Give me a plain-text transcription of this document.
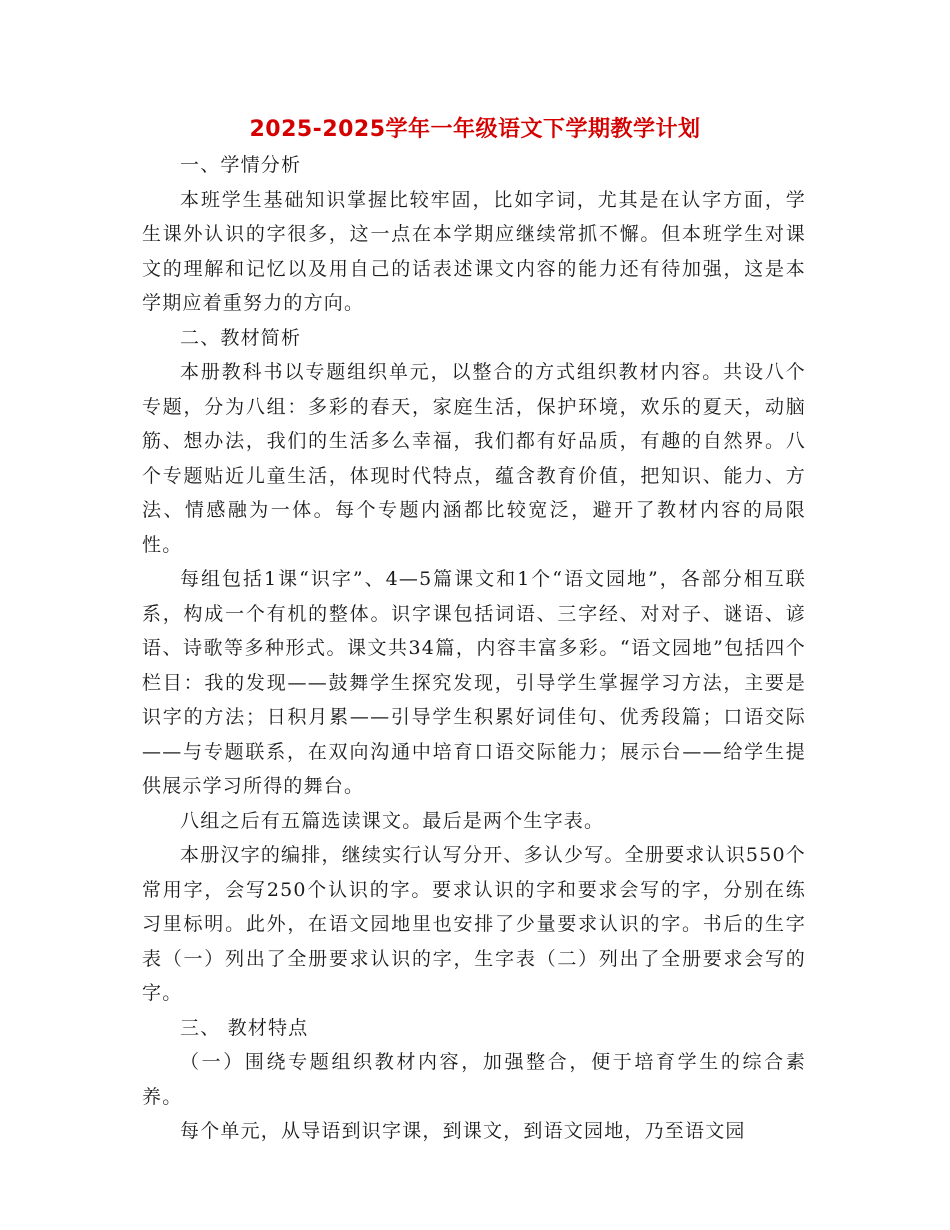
2025-2025学年一年级语文下学期教学计划

一、学情分析

本班学生基础知识掌握比较牢固，比如字词，尤其是在认字方面，学生课外认识的字很多，这一点在本学期应继续常抓不懈。但本班学生对课文的理解和记忆以及用自己的话表述课文内容的能力还有待加强，这是本学期应着重努力的方向。

二、教材简析

本册教科书以专题组织单元，以整合的方式组织教材内容。共设八个专题，分为八组：多彩的春天，家庭生活，保护环境，欢乐的夏天，动脑筋、想办法，我们的生活多么幸福，我们都有好品质，有趣的自然界。八个专题贴近儿童生活，体现时代特点，蕴含教育价值，把知识、能力、方法、情感融为一体。每个专题内涵都比较宽泛，避开了教材内容的局限性。

每组包括1课“识字”、4—5篇课文和1个“语文园地”，各部分相互联系，构成一个有机的整体。识字课包括词语、三字经、对对子、谜语、谚语、诗歌等多种形式。课文共34篇，内容丰富多彩。“语文园地”包括四个栏目：我的发现——鼓舞学生探究发现，引导学生掌握学习方法，主要是识字的方法；日积月累——引导学生积累好词佳句、优秀段篇；口语交际——与专题联系，在双向沟通中培育口语交际能力；展示台——给学生提供展示学习所得的舞台。

八组之后有五篇选读课文。最后是两个生字表。

本册汉字的编排，继续实行认写分开、多认少写。全册要求认识550个常用字，会写250个认识的字。要求认识的字和要求会写的字，分别在练习里标明。此外，在语文园地里也安排了少量要求认识的字。书后的生字表（一）列出了全册要求认识的字，生字表（二）列出了全册要求会写的字。

三、 教材特点

（一）围绕专题组织教材内容，加强整合，便于培育学生的综合素养。

每个单元，从导语到识字课，到课文，到语文园地，乃至语文园
